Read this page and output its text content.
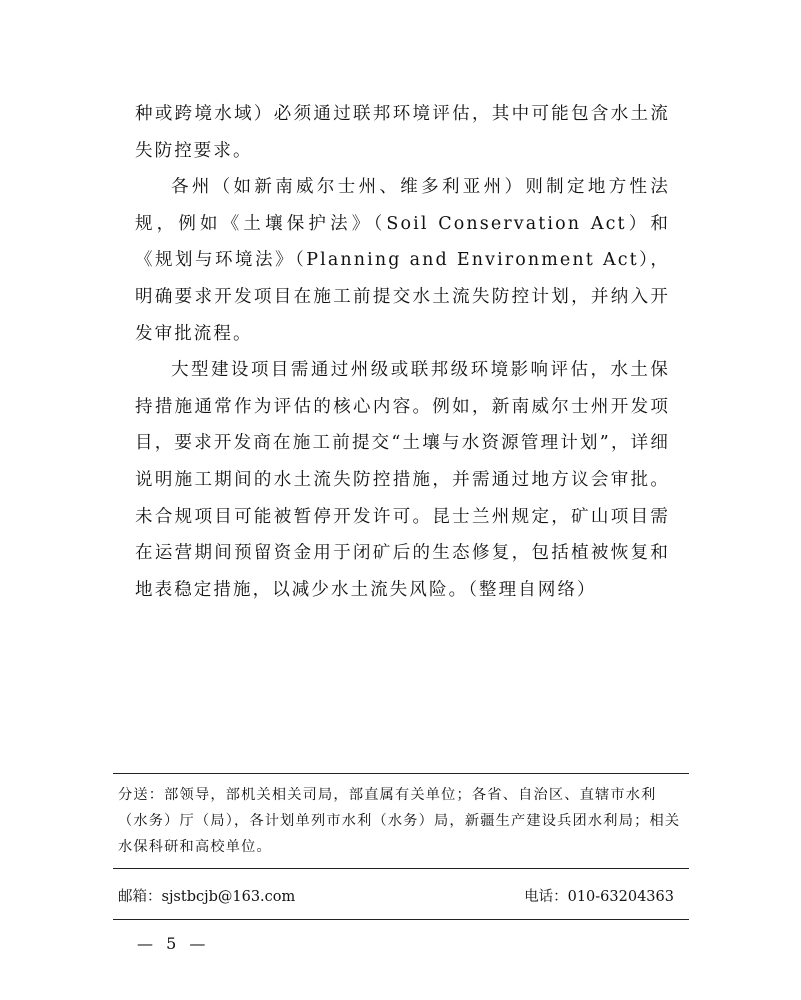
种或跨境水域）必须通过联邦环境评估，其中可能包含水土流失防控要求。

各州（如新南威尔士州、维多利亚州）则制定地方性法规，例如《土壤保护法》（Soil Conservation Act）和《规划与环境法》（Planning and Environment Act），明确要求开发项目在施工前提交水土流失防控计划，并纳入开发审批流程。

大型建设项目需通过州级或联邦级环境影响评估，水土保持措施通常作为评估的核心内容。例如，新南威尔士州开发项目，要求开发商在施工前提交“土壤与水资源管理计划”，详细说明施工期间的水土流失防控措施，并需通过地方议会审批。未合规项目可能被暂停开发许可。昆士兰州规定，矿山项目需在运营期间预留资金用于闭矿后的生态修复，包括植被恢复和地表稳定措施，以减少水土流失风险。（整理自网络）

分送：部领导，部机关相关司局，部直属有关单位；各省、自治区、直辖市水利（水务）厅（局），各计划单列市水利（水务）局，新疆生产建设兵团水利局；相关水保科研和高校单位。
邮箱：sjstbcjb@163.com	电话：010-63204363
— 5 —
